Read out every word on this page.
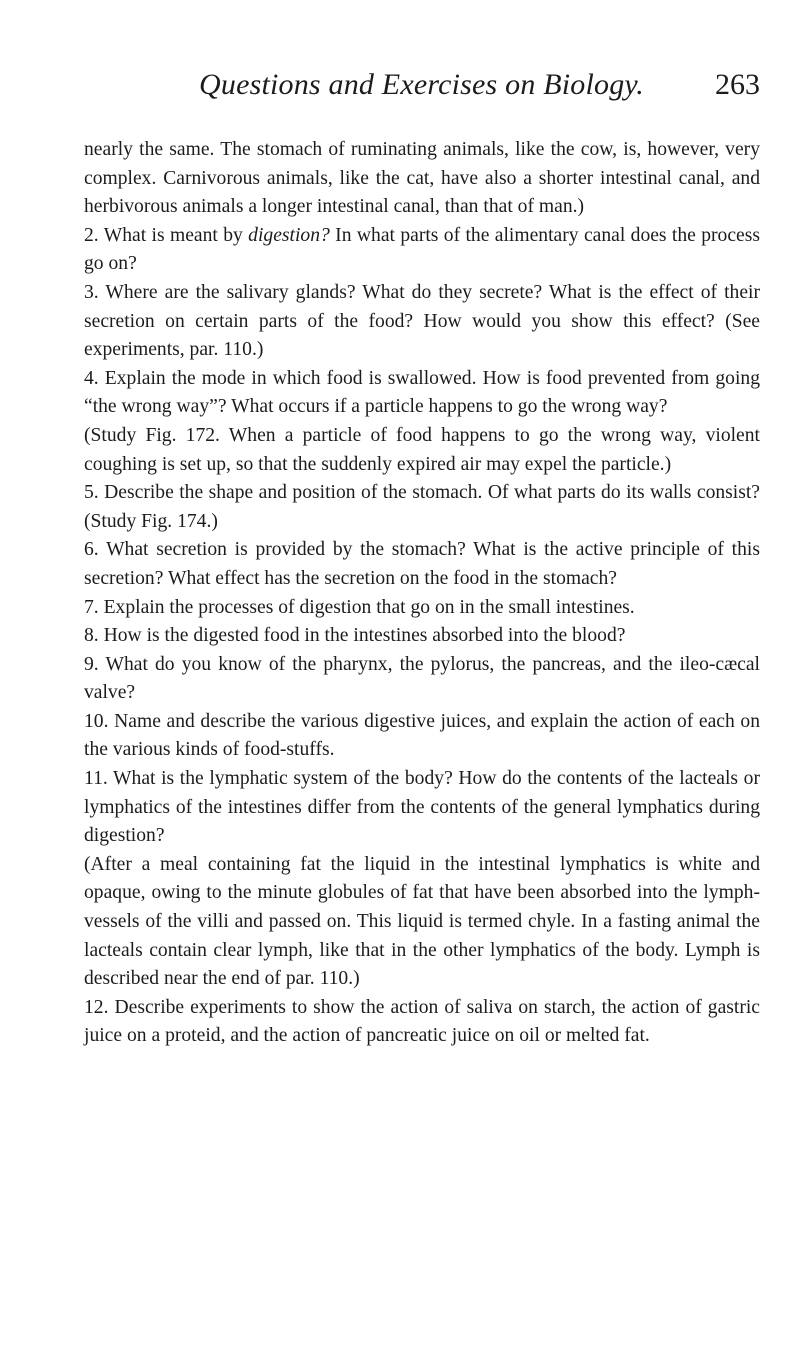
Questions and Exercises on Biology. 263

nearly the same. The stomach of ruminating animals, like the cow, is, however, very complex. Carnivorous animals, like the cat, have also a shorter intestinal canal, and herbivorous animals a longer intestinal canal, than that of man.)

2. What is meant by digestion? In what parts of the alimentary canal does the process go on?

3. Where are the salivary glands? What do they secrete? What is the effect of their secretion on certain parts of the food? How would you show this effect? (See experiments, par. 110.)

4. Explain the mode in which food is swallowed. How is food prevented from going “the wrong way”? What occurs if a particle happens to go the wrong way?

(Study Fig. 172. When a particle of food happens to go the wrong way, violent coughing is set up, so that the suddenly expired air may expel the particle.)

5. Describe the shape and position of the stomach. Of what parts do its walls consist? (Study Fig. 174.)

6. What secretion is provided by the stomach? What is the active principle of this secretion? What effect has the secretion on the food in the stomach?

7. Explain the processes of digestion that go on in the small intestines.

8. How is the digested food in the intestines absorbed into the blood?

9. What do you know of the pharynx, the pylorus, the pancreas, and the ileo-cæcal valve?

10. Name and describe the various digestive juices, and explain the action of each on the various kinds of food-stuffs.

11. What is the lymphatic system of the body? How do the contents of the lacteals or lymphatics of the intestines differ from the contents of the general lymphatics during digestion?

(After a meal containing fat the liquid in the intestinal lymphatics is white and opaque, owing to the minute globules of fat that have been absorbed into the lymph-vessels of the villi and passed on. This liquid is termed chyle. In a fasting animal the lacteals contain clear lymph, like that in the other lymphatics of the body. Lymph is described near the end of par. 110.)

12. Describe experiments to show the action of saliva on starch, the action of gastric juice on a proteid, and the action of pancreatic juice on oil or melted fat.
